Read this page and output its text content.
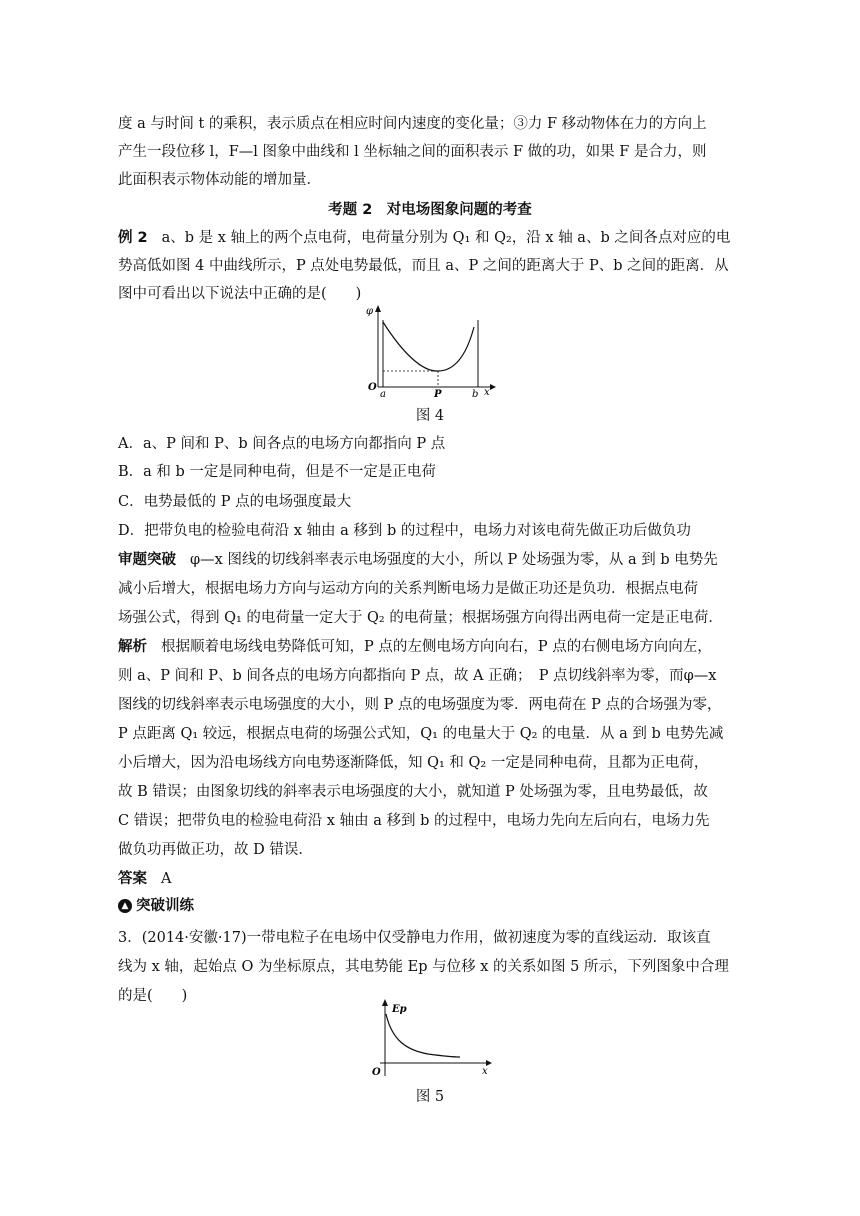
度 a 与时间 t 的乘积，表示质点在相应时间内速度的变化量；③力 F 移动物体在力的方向上
产生一段位移 l，F—l 图象中曲线和 l 坐标轴之间的面积表示 F 做的功，如果 F 是合力，则
此面积表示物体动能的增加量．
考题 2　对电场图象问题的考查
例 2 a、b 是 x 轴上的两个点电荷，电荷量分别为 Q₁ 和 Q₂，沿 x 轴 a、b 之间各点对应的电
势高低如图 4 中曲线所示，P 点处电势最低，而且 a、P 之间的距离大于 P、b 之间的距离．从
图中可看出以下说法中正确的是(　　)
φ
O
a	P	b x
图 4
A．a、P 间和 P、b 间各点的电场方向都指向 P 点
B．a 和 b 一定是同种电荷，但是不一定是正电荷
C．电势最低的 P 点的电场强度最大
D．把带负电的检验电荷沿 x 轴由 a 移到 b 的过程中，电场力对该电荷先做正功后做负功
审题突破 φ—x 图线的切线斜率表示电场强度的大小，所以 P 处场强为零，从 a 到 b 电势先
减小后增大，根据电场力方向与运动方向的关系判断电场力是做正功还是负功．根据点电荷
场强公式，得到 Q₁ 的电荷量一定大于 Q₂ 的电荷量；根据场强方向得出两电荷一定是正电荷．
解析 根据顺着电场线电势降低可知，P 点的左侧电场方向向右，P 点的右侧电场方向向左，
则 a、P 间和 P、b 间各点的电场方向都指向 P 点，故 A 正确；　P 点切线斜率为零，而φ—x
图线的切线斜率表示电场强度的大小，则 P 点的电场强度为零．两电荷在 P 点的合场强为零，
P 点距离 Q₁ 较远，根据点电荷的场强公式知，Q₁ 的电量大于 Q₂ 的电量．从 a 到 b 电势先减
小后增大，因为沿电场线方向电势逐渐降低，知 Q₁ 和 Q₂ 一定是同种电荷，且都为正电荷，
故 B 错误；由图象切线的斜率表示电场强度的大小，就知道 P 处场强为零，且电势最低，故
C 错误；把带负电的检验电荷沿 x 轴由 a 移到 b 的过程中，电场力先向左后向右，电场力先
做负功再做正功，故 D 错误．
答案 A
▲ 突破训练
3．(2014·安徽·17)一带电粒子在电场中仅受静电力作用，做初速度为零的直线运动．取该直
线为 x 轴，起始点 O 为坐标原点，其电势能 Ep 与位移 x 的关系如图 5 所示，下列图象中合理
的是(　　)
Ep
O	x
图 5
